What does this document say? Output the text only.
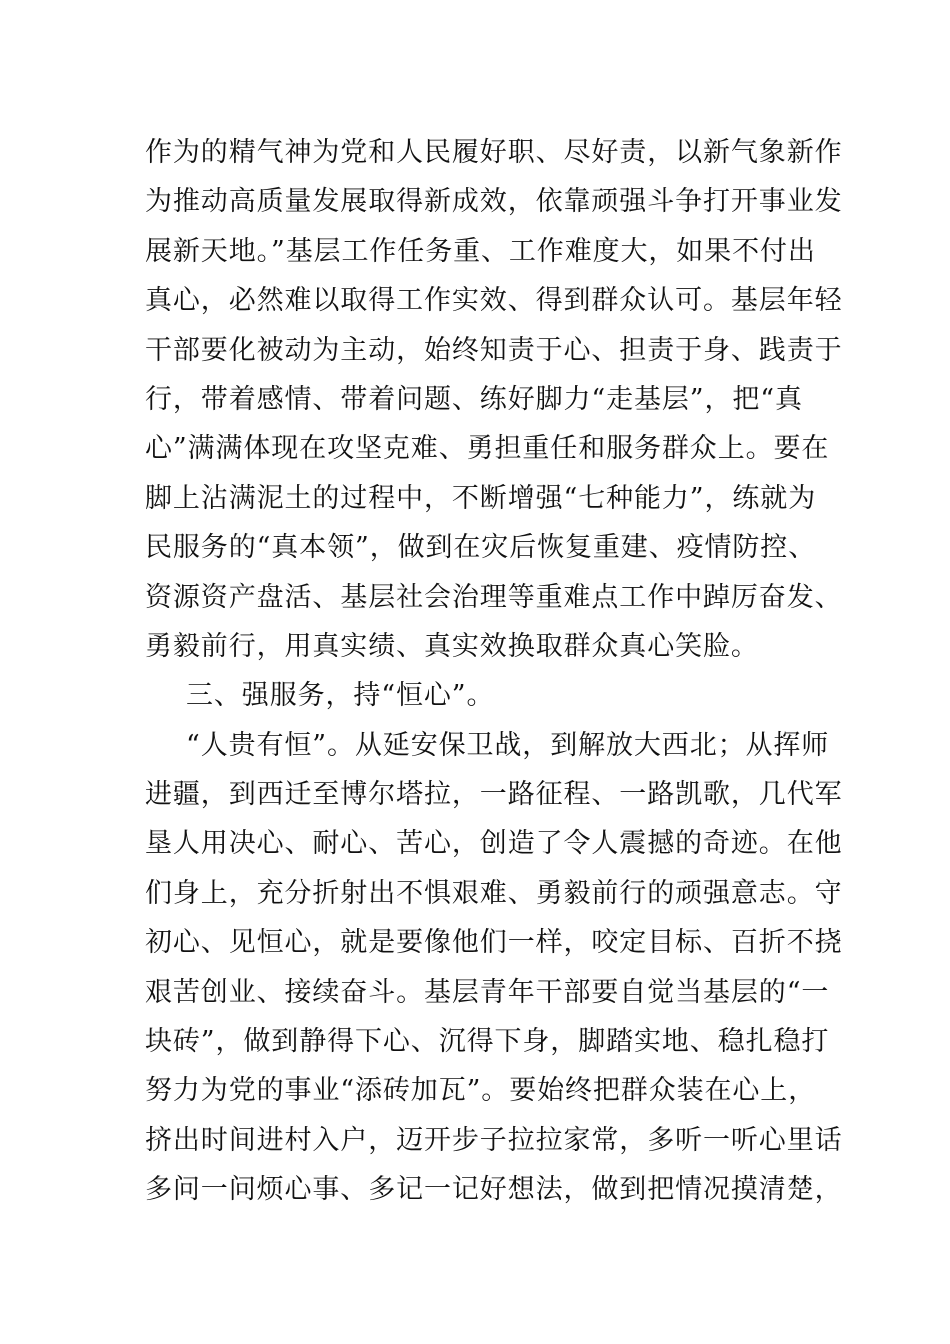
作为的精气神为党和人民履好职、尽好责，以新气象新作
为推动高质量发展取得新成效，依靠顽强斗争打开事业发
展新天地。”基层工作任务重、工作难度大，如果不付出
真心，必然难以取得工作实效、得到群众认可。基层年轻
干部要化被动为主动，始终知责于心、担责于身、践责于
行，带着感情、带着问题、练好脚力“走基层”，把“真
心”满满体现在攻坚克难、勇担重任和服务群众上。要在
脚上沾满泥土的过程中，不断增强“七种能力”，练就为
民服务的“真本领”，做到在灾后恢复重建、疫情防控、
资源资产盘活、基层社会治理等重难点工作中踔厉奋发、
勇毅前行，用真实绩、真实效换取群众真心笑脸。
三、强服务，持“恒心”。
“人贵有恒”。从延安保卫战，到解放大西北；从挥师
进疆，到西迁至博尔塔拉，一路征程、一路凯歌，几代军
垦人用决心、耐心、苦心，创造了令人震撼的奇迹。在他
们身上，充分折射出不惧艰难、勇毅前行的顽强意志。守
初心、见恒心，就是要像他们一样，咬定目标、百折不挠
艰苦创业、接续奋斗。基层青年干部要自觉当基层的“一
块砖”，做到静得下心、沉得下身，脚踏实地、稳扎稳打
努力为党的事业“添砖加瓦”。要始终把群众装在心上，
挤出时间进村入户，迈开步子拉拉家常，多听一听心里话
多问一问烦心事、多记一记好想法，做到把情况摸清楚，
